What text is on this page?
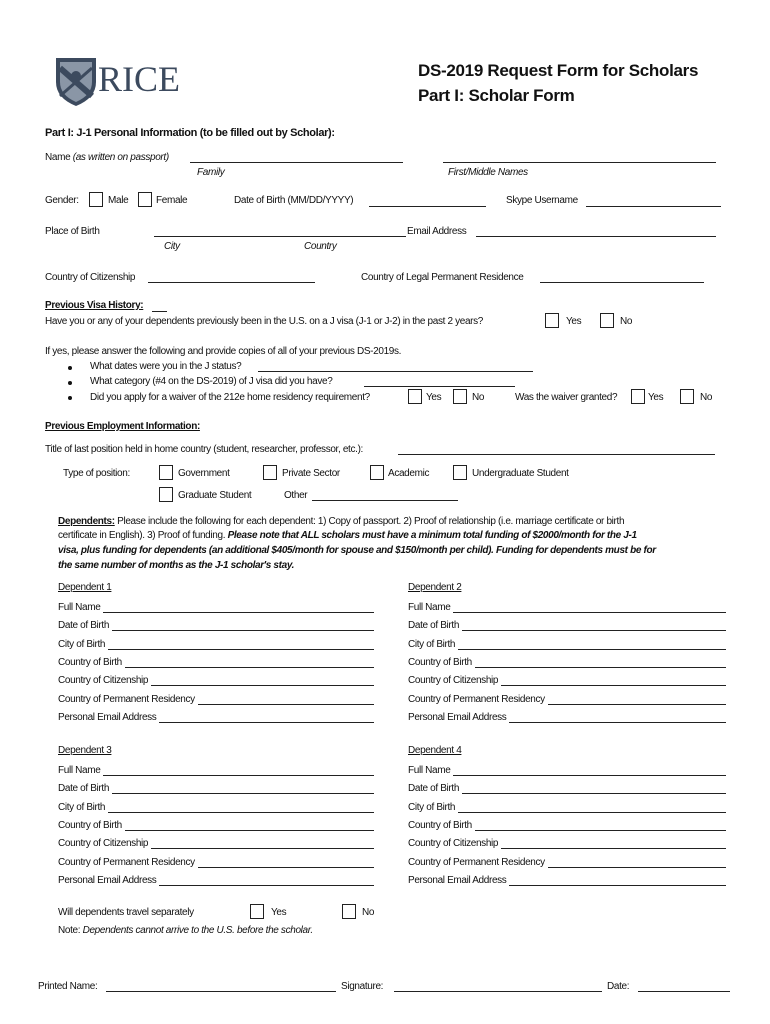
RICE	DS-2019 Request Form for Scholars
Part I: Scholar Form
Part I: J-1 Personal Information (to be filled out by Scholar):
Name (as written on passport)
Family	First/Middle Names
Gender:	Male	Female	Date of Birth (MM/DD/YYYY)	Skype Username
Place of Birth	Email Address
City	Country
Country of Citizenship	Country of Legal Permanent Residence
Previous Visa History:
Have you or any of your dependents previously been in the U.S. on a J visa (J-1 or J-2) in the past 2 years?	Yes	No
If yes, please answer the following and provide copies of all of your previous DS-2019s.
What dates were you in the J status?
What category (#4 on the DS-2019) of J visa did you have?
Did you apply for a waiver of the 212e home residency requirement?	Yes	No	Was the waiver granted?	Yes	No
Previous Employment Information:
Title of last position held in home country (student, researcher, professor, etc.):
Type of position:	Government	Private Sector	Academic	Undergraduate Student
Graduate Student	Other
Dependents: Please include the following for each dependent: 1) Copy of passport. 2) Proof of relationship (i.e. marriage certificate or birth
certificate in English). 3) Proof of funding. Please note that ALL scholars must have a minimum total funding of $2000/month for the J-1
visa, plus funding for dependents (an additional $405/month for spouse and $150/month per child). Funding for dependents must be for
the same number of months as the J-1 scholar's stay.
Dependent 1
Full Name
Date of Birth
City of Birth
Country of Birth
Country of Citizenship
Country of Permanent Residency
Personal Email Address
Dependent 2
Full Name
Date of Birth
City of Birth
Country of Birth
Country of Citizenship
Country of Permanent Residency
Personal Email Address
Dependent 3
Full Name
Date of Birth
City of Birth
Country of Birth
Country of Citizenship
Country of Permanent Residency
Personal Email Address
Dependent 4
Full Name
Date of Birth
City of Birth
Country of Birth
Country of Citizenship
Country of Permanent Residency
Personal Email Address
Will dependents travel separately	Yes	No
Note: Dependents cannot arrive to the U.S. before the scholar.
Printed Name:	Signature:	Date:
